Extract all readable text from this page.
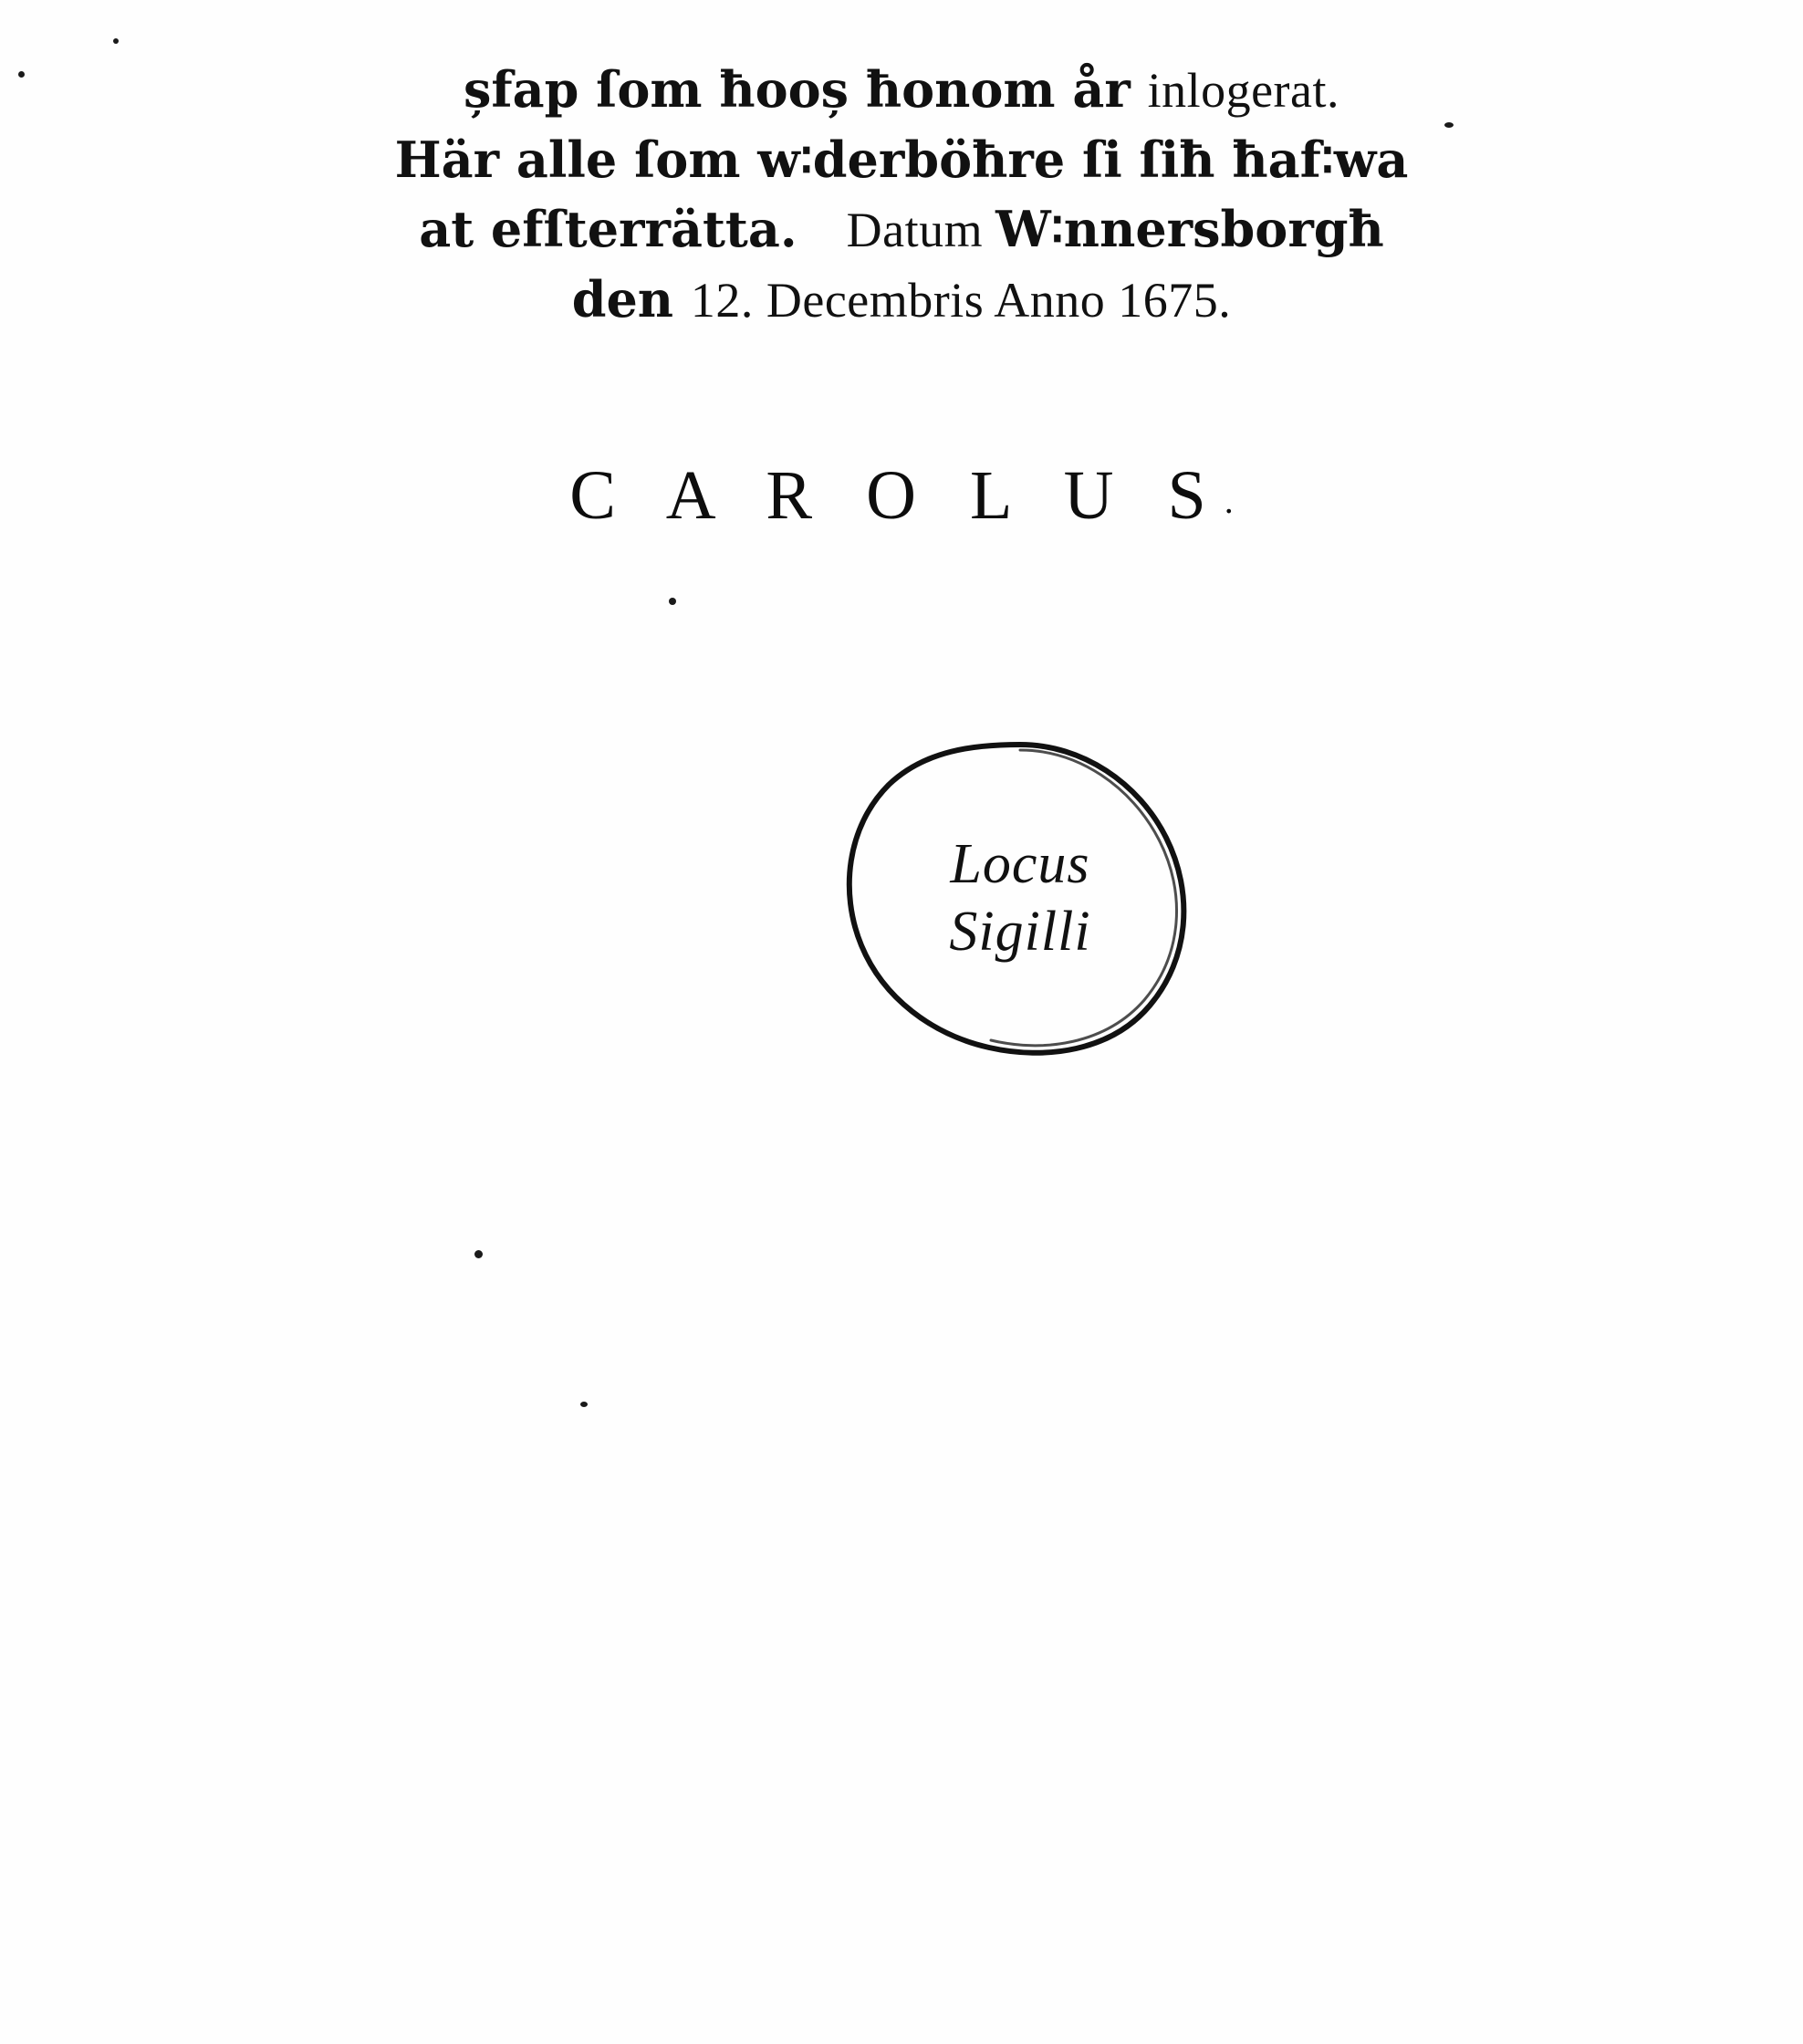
șfap ſom ħooș ħonom år inlogerat.
Här alle ſom w∶derböħre ſi ſiħ ħaf∶wa
at efſterrätta. Datum W∶nnersborgħ
den 12. Decembris Anno 1675.
C A R O L U S.
Locus
Sigilli
